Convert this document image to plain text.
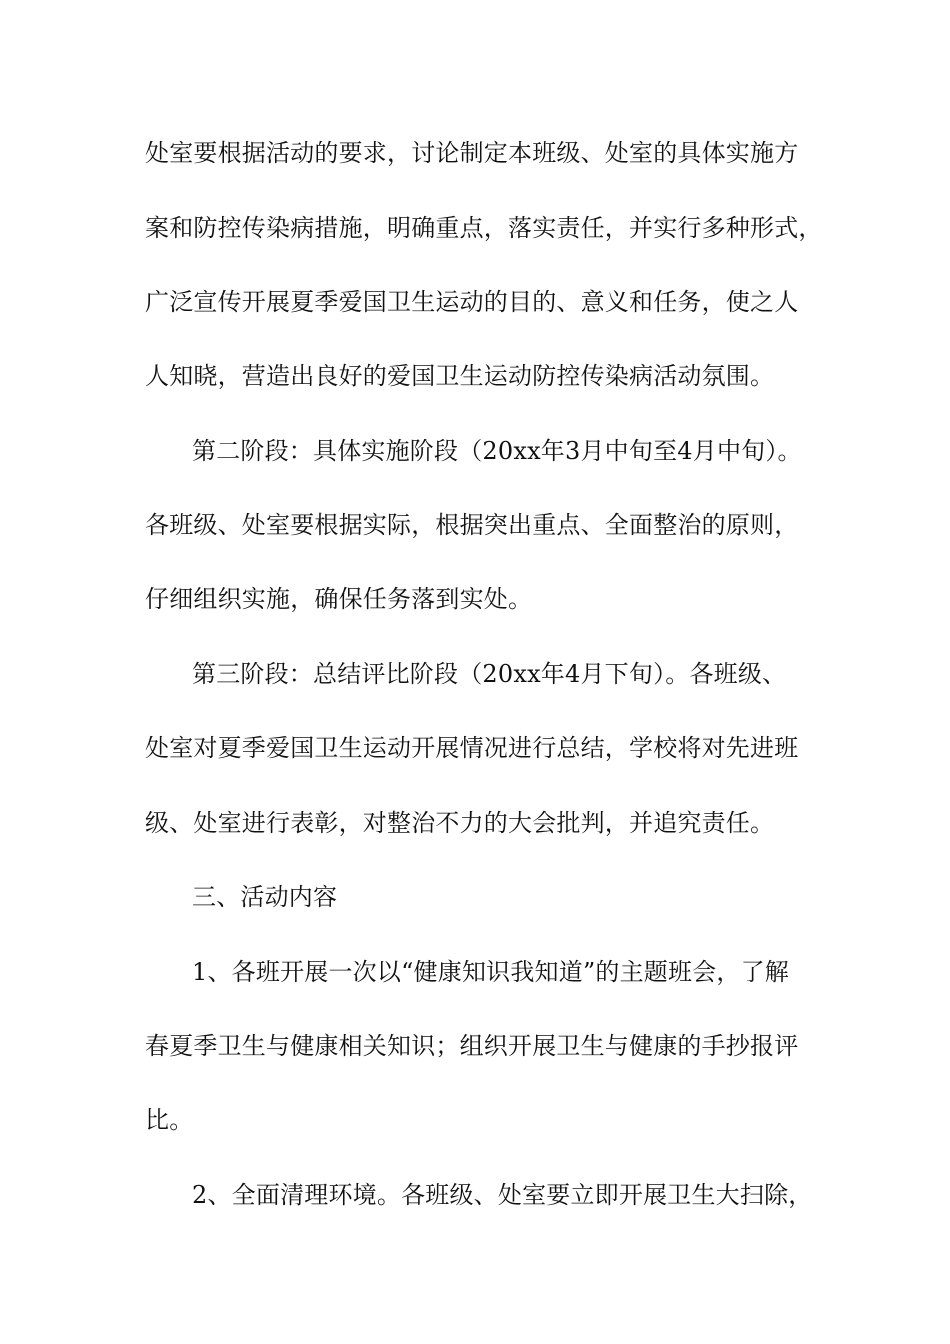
处室要根据活动的要求，讨论制定本班级、处室的具体实施方

案和防控传染病措施，明确重点，落实责任，并实行多种形式，

广泛宣传开展夏季爱国卫生运动的目的、意义和任务，使之人

人知晓，营造出良好的爱国卫生运动防控传染病活动氛围。

第二阶段：具体实施阶段（20xx年3月中旬至4月中旬）。

各班级、处室要根据实际，根据突出重点、全面整治的原则，

仔细组织实施，确保任务落到实处。

第三阶段：总结评比阶段（20xx年4月下旬）。各班级、

处室对夏季爱国卫生运动开展情况进行总结，学校将对先进班

级、处室进行表彰，对整治不力的大会批判，并追究责任。

三、活动内容

1、各班开展一次以“健康知识我知道”的主题班会，了解

春夏季卫生与健康相关知识；组织开展卫生与健康的手抄报评

比。

2、全面清理环境。各班级、处室要立即开展卫生大扫除，
